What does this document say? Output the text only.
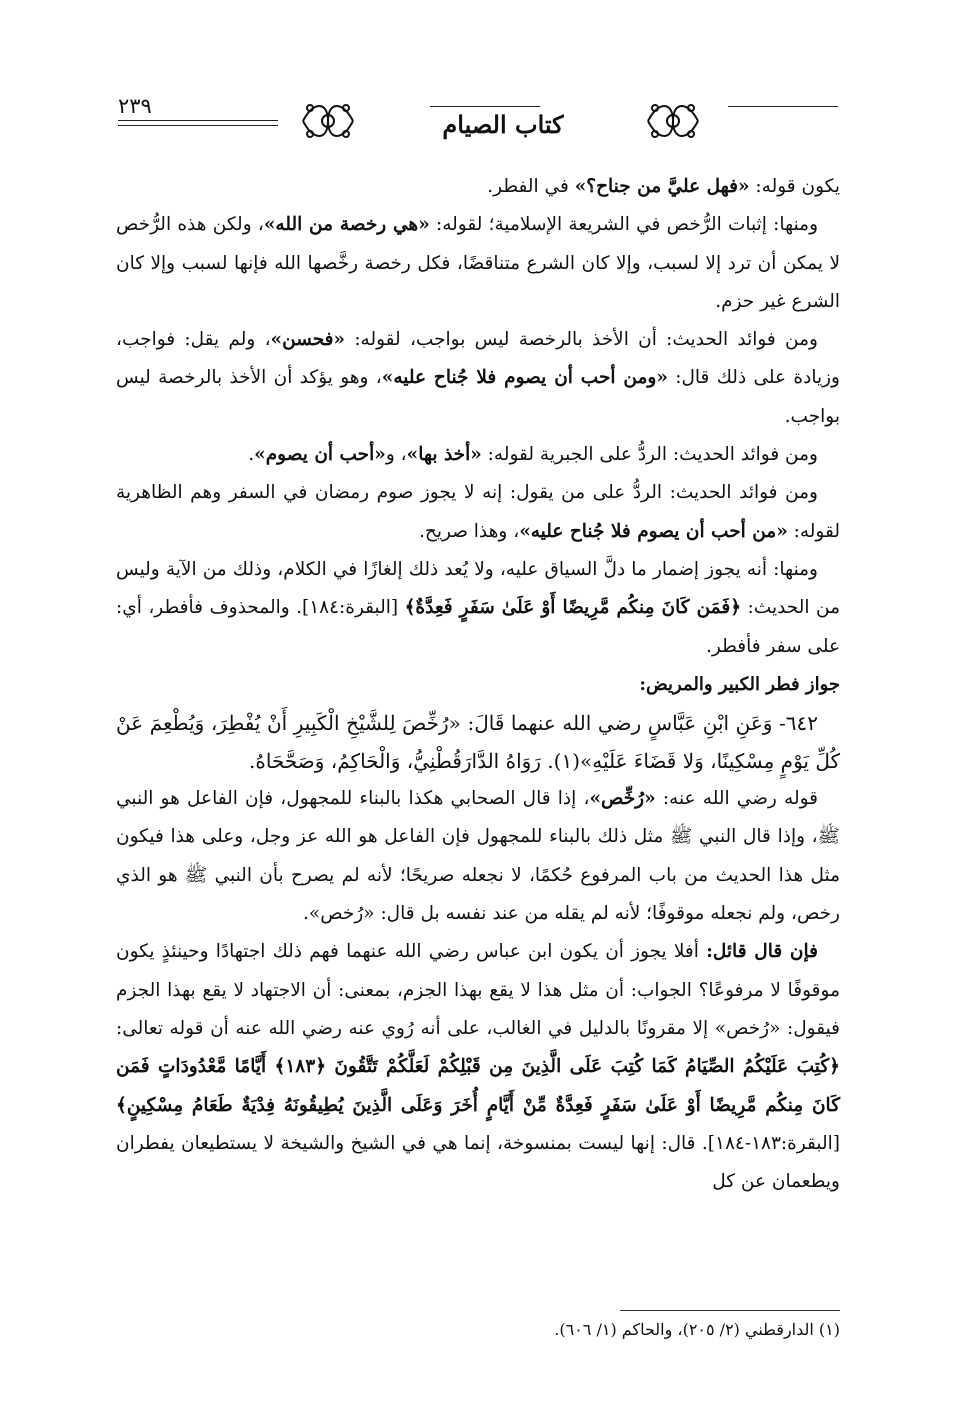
٢٣٩
كتاب الصيام

يكون قوله: «فهل عليَّ من جناح؟» في الفطر.

ومنها: إثبات الرُّخص في الشريعة الإسلامية؛ لقوله: «هي رخصة من الله»، ولكن هذه الرُّخص لا يمكن أن ترد إلا لسبب، وإلا كان الشرع متناقضًا، فكل رخصة رخَّصها الله فإنها لسبب وإلا كان الشرع غير حزم.

ومن فوائد الحديث: أن الأخذ بالرخصة ليس بواجب، لقوله: «فحسن»، ولم يقل: فواجب، وزيادة على ذلك قال: «ومن أحب أن يصوم فلا جُناح عليه»، وهو يؤكد أن الأخذ بالرخصة ليس بواجب.

ومن فوائد الحديث: الردُّ على الجبرية لقوله: «أخذ بها»، و«أحب أن يصوم».

ومن فوائد الحديث: الردُّ على من يقول: إنه لا يجوز صوم رمضان في السفر وهم الظاهرية لقوله: «من أحب أن يصوم فلا جُناح عليه»، وهذا صريح.

ومنها: أنه يجوز إضمار ما دلَّ السياق عليه، ولا يُعد ذلك إلغازًا في الكلام، وذلك من الآية وليس من الحديث: ﴿فَمَن كَانَ مِنكُم مَّرِيضًا أَوْ عَلَىٰ سَفَرٍ فَعِدَّةٌ﴾ [البقرة:١٨٤]. والمحذوف فأفطر، أي: على سفر فأفطر.

جواز فطر الكبير والمريض:

٦٤٢- وَعَنِ ابْنِ عَبَّاسٍ رضي الله عنهما قَالَ: «رُخِّصَ لِلشَّيْخِ الْكَبِيرِ أَنْ يُفْطِرَ، وَيُطْعِمَ عَنْ كُلِّ يَوْمٍ مِسْكِينًا، وَلا قَضَاءَ عَلَيْهِ»(١). رَوَاهُ الدَّارَقُطْنِيُّ، وَالْحَاكِمُ، وَصَحَّحَاهُ.

قوله رضي الله عنه: «رُخِّص»، إذا قال الصحابي هكذا بالبناء للمجهول، فإن الفاعل هو النبي ﷺ، وإذا قال النبي ﷺ مثل ذلك بالبناء للمجهول فإن الفاعل هو الله عز وجل، وعلى هذا فيكون مثل هذا الحديث من باب المرفوع حُكمًا، لا نجعله صريحًا؛ لأنه لم يصرح بأن النبي ﷺ هو الذي رخص، ولم نجعله موقوفًا؛ لأنه لم يقله من عند نفسه بل قال: «رُخص».

فإن قال قائل: أفلا يجوز أن يكون ابن عباس رضي الله عنهما فهم ذلك اجتهادًا وحينئذٍ يكون موقوفًا لا مرفوعًا؟ الجواب: أن مثل هذا لا يقع بهذا الجزم، بمعنى: أن الاجتهاد لا يقع بهذا الجزم فيقول: «رُخص» إلا مقرونًا بالدليل في الغالب، على أنه رُوي عنه رضي الله عنه أن قوله تعالى: ﴿كُتِبَ عَلَيْكُمُ الصِّيَامُ كَمَا كُتِبَ عَلَى الَّذِينَ مِن قَبْلِكُمْ لَعَلَّكُمْ تَتَّقُونَ ﴿١٨٣﴾ أَيَّامًا مَّعْدُودَاتٍ فَمَن كَانَ مِنكُم مَّرِيضًا أَوْ عَلَىٰ سَفَرٍ فَعِدَّةٌ مِّنْ أَيَّامٍ أُخَرَ وَعَلَى الَّذِينَ يُطِيقُونَهُ فِدْيَةٌ طَعَامُ مِسْكِينٍ﴾ [البقرة:١٨٣-١٨٤]. قال: إنها ليست بمنسوخة، إنما هي في الشيخ والشيخة لا يستطيعان يفطران ويطعمان عن كل

(١) الدارقطني (٢/ ٢٠٥)، والحاكم (١/ ٦٠٦).
